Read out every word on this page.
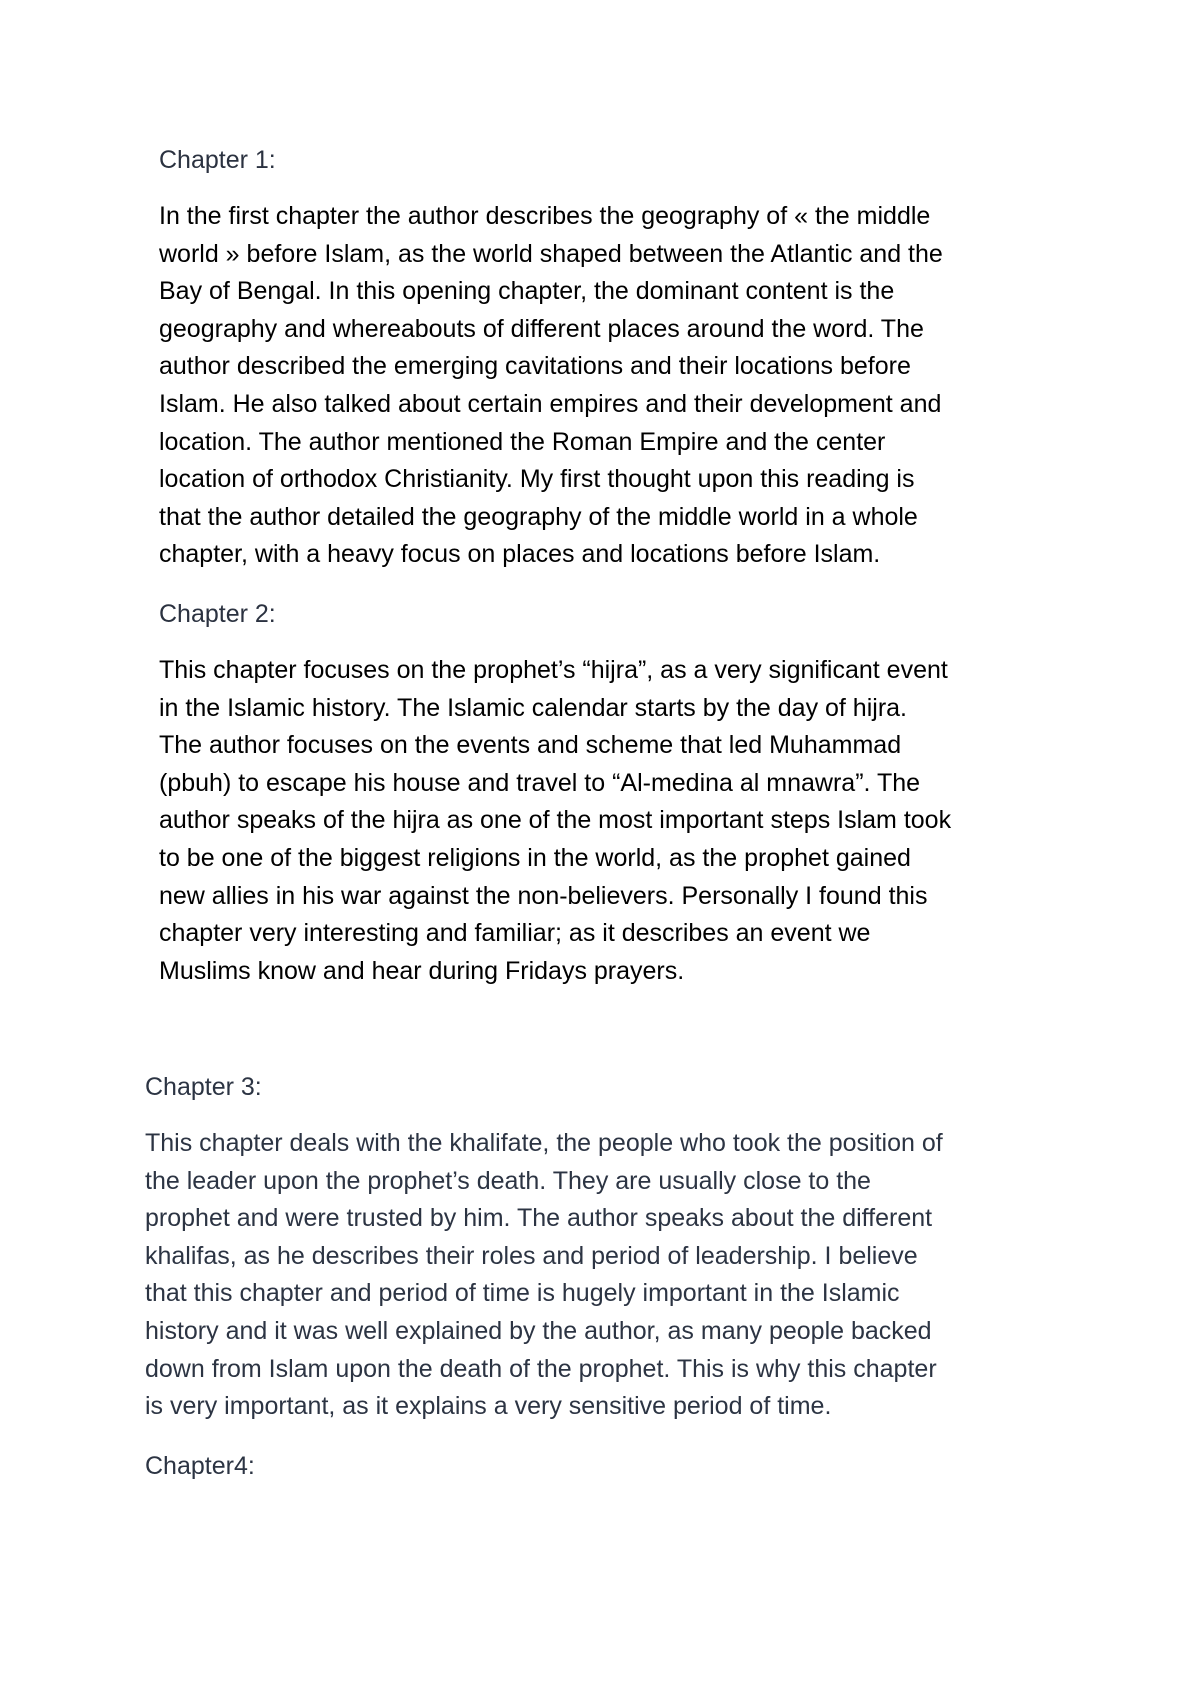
Chapter 1:

In the first chapter the author describes the geography of « the middle
world » before Islam, as the world shaped between the Atlantic and the
Bay of Bengal. In this opening chapter, the dominant content is the
geography and whereabouts of different places around the word. The
author described the emerging cavitations and their locations before
Islam. He also talked about certain empires and their development and
location. The author mentioned the Roman Empire and the center
location of orthodox Christianity. My first thought upon this reading is
that the author detailed the geography of the middle world in a whole
chapter, with a heavy focus on places and locations before Islam.

Chapter 2:

This chapter focuses on the prophet’s “hijra”, as a very significant event
in the Islamic history. The Islamic calendar starts by the day of hijra.
The author focuses on the events and scheme that led Muhammad
(pbuh) to escape his house and travel to “Al-medina al mnawra”. The
author speaks of the hijra as one of the most important steps Islam took
to be one of the biggest religions in the world, as the prophet gained
new allies in his war against the non-believers. Personally I found this
chapter very interesting and familiar; as it describes an event we
Muslims know and hear during Fridays prayers.

Chapter 3:

This chapter deals with the khalifate, the people who took the position of
the leader upon the prophet’s death. They are usually close to the
prophet and were trusted by him. The author speaks about the different
khalifas, as he describes their roles and period of leadership. I believe
that this chapter and period of time is hugely important in the Islamic
history and it was well explained by the author, as many people backed
down from Islam upon the death of the prophet. This is why this chapter
is very important, as it explains a very sensitive period of time.

Chapter4:
